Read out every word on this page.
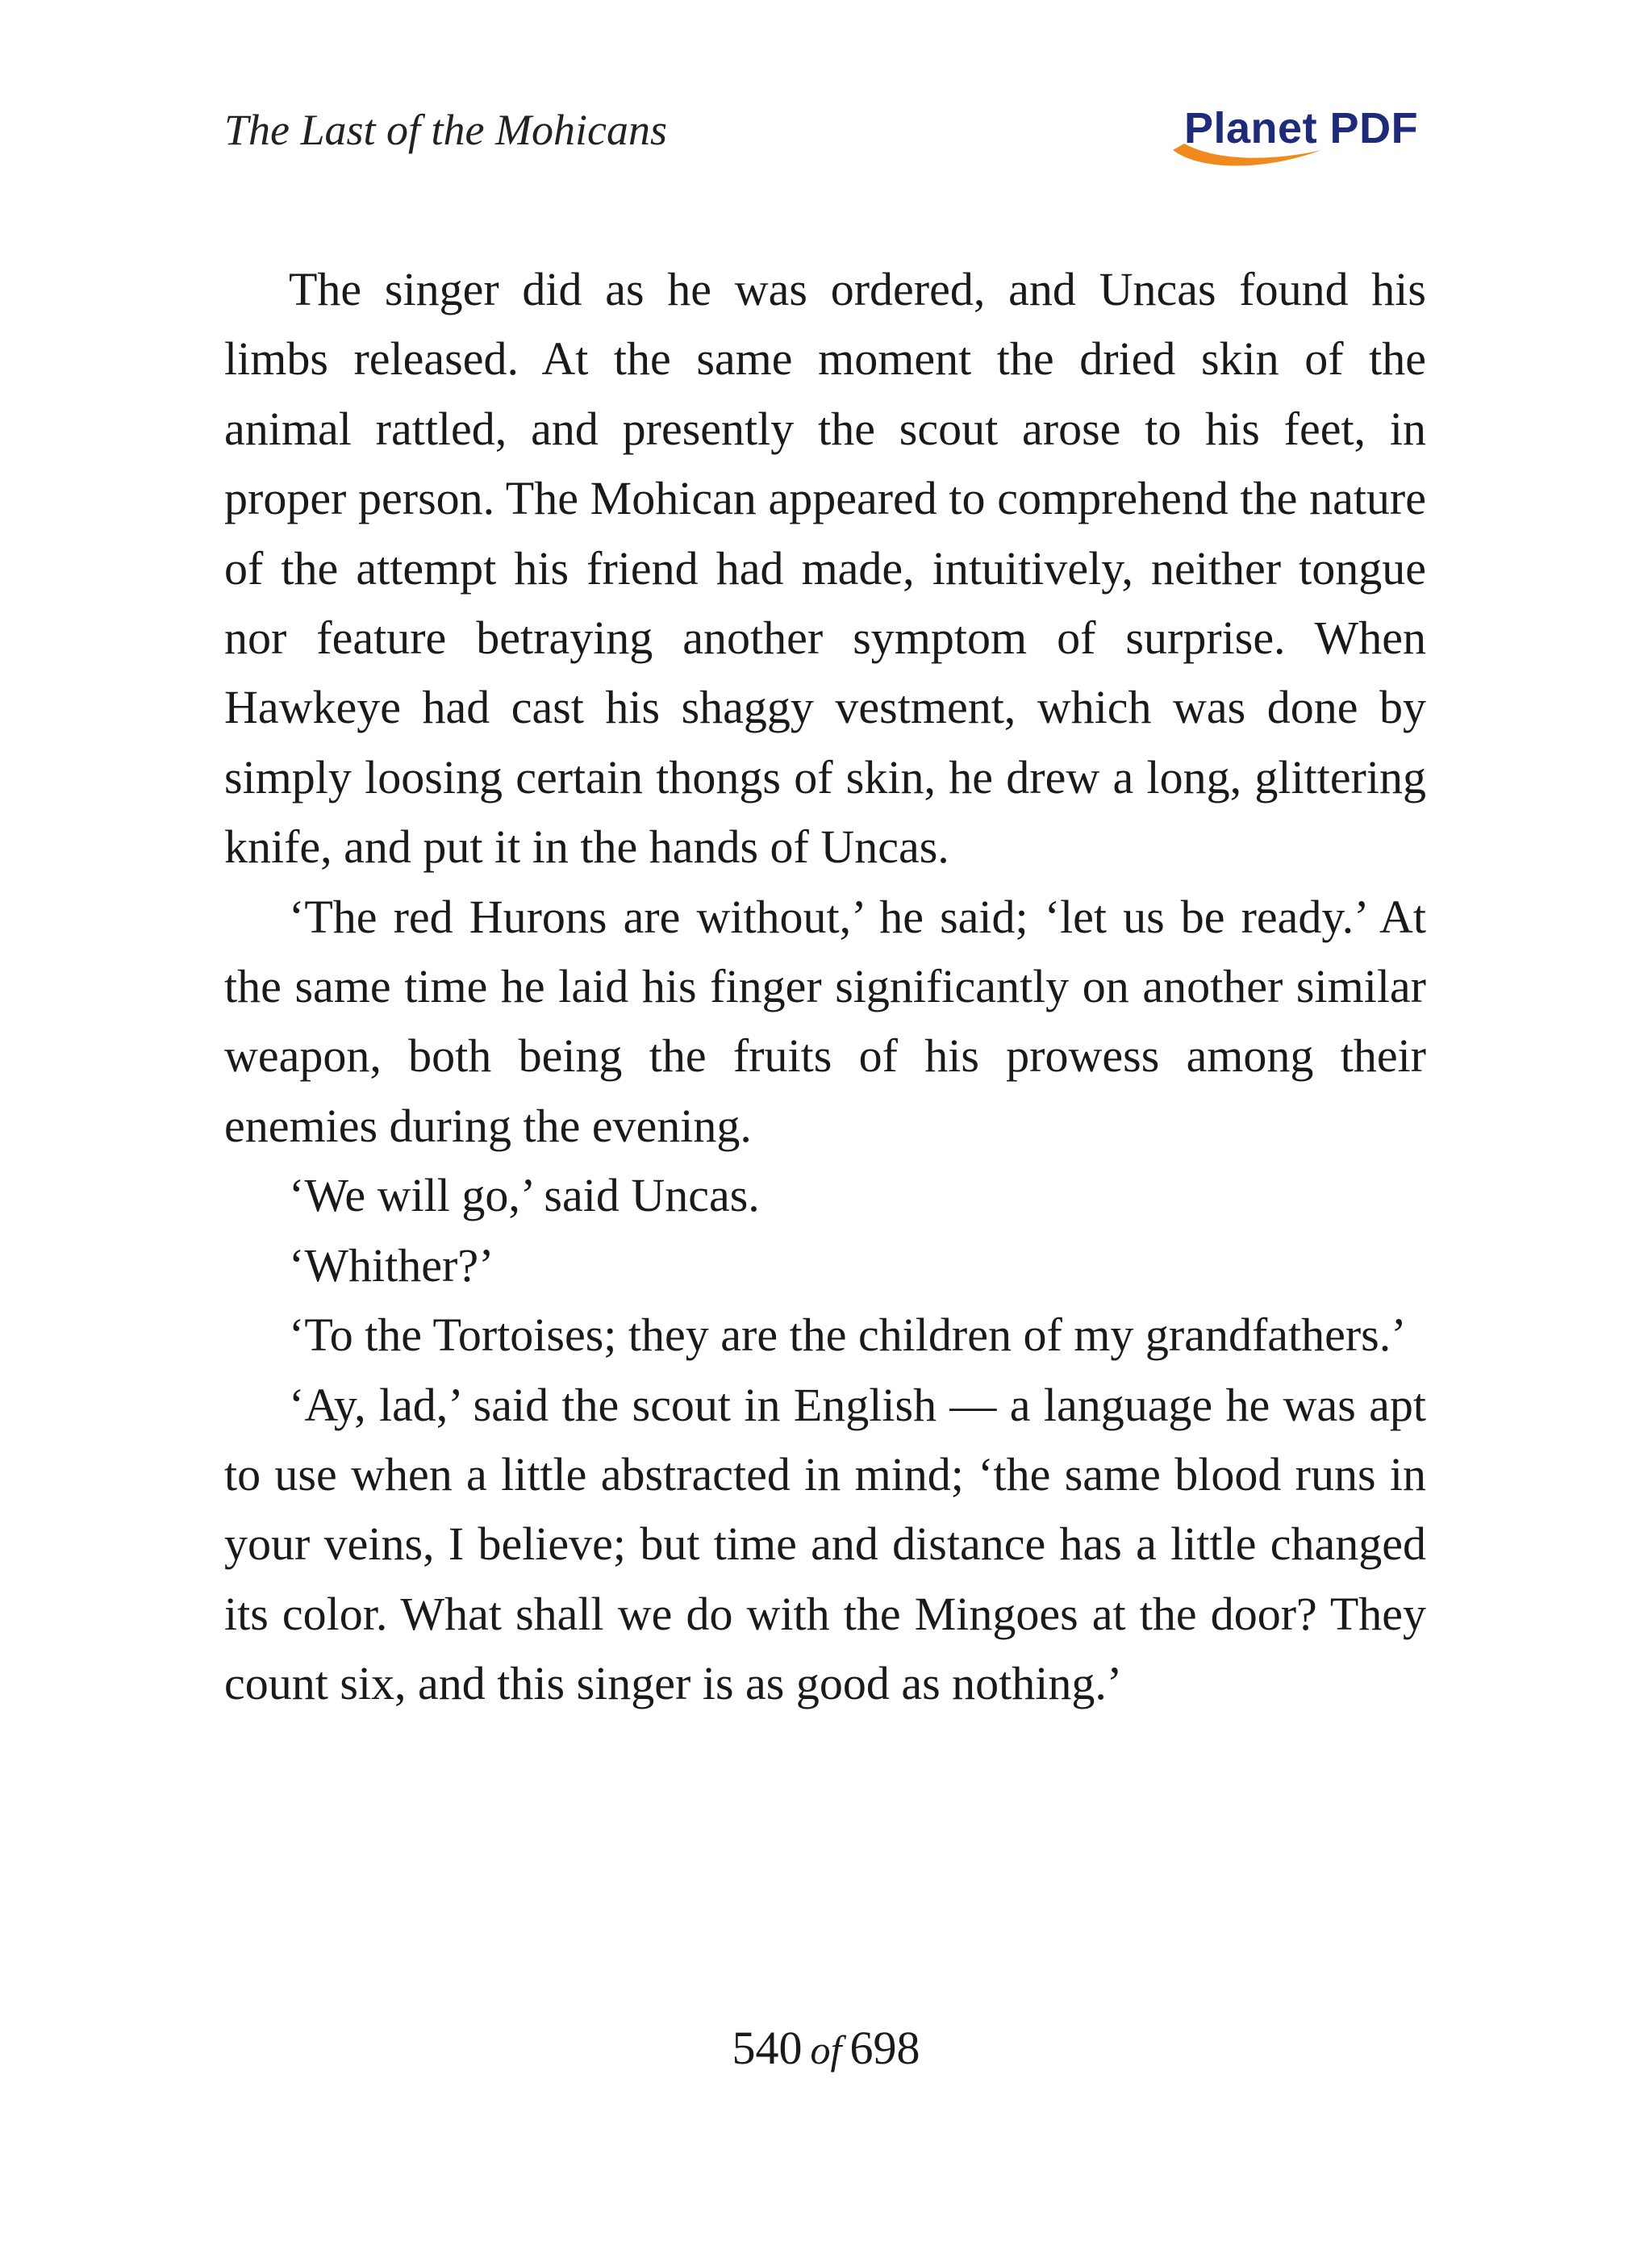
The Last of the Mohicans	Planet PDF

The singer did as he was ordered, and Uncas found his limbs released. At the same moment the dried skin of the animal rattled, and presently the scout arose to his feet, in proper person. The Mohican appeared to comprehend the nature of the attempt his friend had made, intuitively, neither tongue nor feature betraying another symptom of surprise. When Hawkeye had cast his shaggy vestment, which was done by simply loosing certain thongs of skin, he drew a long, glittering knife, and put it in the hands of Uncas.

‘The red Hurons are without,’ he said; ‘let us be ready.’ At the same time he laid his finger significantly on another similar weapon, both being the fruits of his prowess among their enemies during the evening.

‘We will go,’ said Uncas.

‘Whither?’

‘To the Tortoises; they are the children of my grandfathers.’

‘Ay, lad,’ said the scout in English — a language he was apt to use when a little abstracted in mind; ‘the same blood runs in your veins, I believe; but time and distance has a little changed its color. What shall we do with the Mingoes at the door? They count six, and this singer is as good as nothing.’

540 of 698
